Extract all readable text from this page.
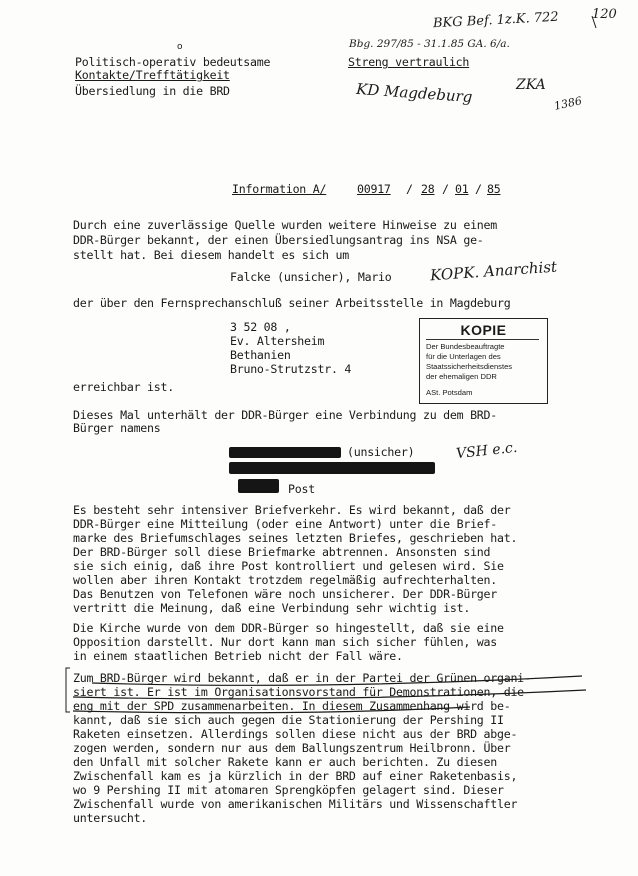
BKG Bef. 1z.K. 722	120
Bbg. 297/85 - 31.1.85 GA. 6/a.
KD Magdeburg	ZKA
1386
KOPK. Anarchist
VSH e.c.
o
Politisch-operativ bedeutsame
Kontakte/Trefftätigkeit
Übersiedlung in die BRD
Streng vertraulich
Information A/	00917 / 28 / 01 / 85
Durch eine zuverlässige Quelle wurden weitere Hinweise zu einem
DDR-Bürger bekannt, der einen Übersiedlungsantrag ins NSA ge-
stellt hat. Bei diesem handelt es sich um
Falcke (unsicher), Mario
der über den Fernsprechanschluß seiner Arbeitsstelle in Magdeburg
3 52 08 ,
Ev. Altersheim
Bethanien
Bruno-Strutzstr. 4
erreichbar ist.
KOPIE
Der Bundesbeauftragte
für die Unterlagen des
Staatssicherheitsdienstes
der ehemaligen DDR
ASt. Potsdam
Dieses Mal unterhält der DDR-Bürger eine Verbindung zu dem BRD-
Bürger namens
(unsicher)
Post
Es besteht sehr intensiver Briefverkehr. Es wird bekannt, daß der
DDR-Bürger eine Mitteilung (oder eine Antwort) unter die Brief-
marke des Briefumschlages seines letzten Briefes, geschrieben hat.
Der BRD-Bürger soll diese Briefmarke abtrennen. Ansonsten sind
sie sich einig, daß ihre Post kontrolliert und gelesen wird. Sie
wollen aber ihren Kontakt trotzdem regelmäßig aufrechterhalten.
Das Benutzen von Telefonen wäre noch unsicherer. Der DDR-Bürger
vertritt die Meinung, daß eine Verbindung sehr wichtig ist.
Die Kirche wurde von dem DDR-Bürger so hingestellt, daß sie eine
Opposition darstellt. Nur dort kann man sich sicher fühlen, was
in einem staatlichen Betrieb nicht der Fall wäre.
Zum BRD-Bürger wird bekannt, daß er in der Partei der Grünen organi-
siert ist. Er ist im Organisationsvorstand für Demonstrationen, die
eng mit der SPD zusammenarbeiten. In diesem Zusammenhang wird be-
kannt, daß sie sich auch gegen die Stationierung der Pershing II
Raketen einsetzen. Allerdings sollen diese nicht aus der BRD abge-
zogen werden, sondern nur aus dem Ballungszentrum Heilbronn. Über
den Unfall mit solcher Rakete kann er auch berichten. Zu diesen
Zwischenfall kam es ja kürzlich in der BRD auf einer Raketenbasis,
wo 9 Pershing II mit atomaren Sprengköpfen gelagert sind. Dieser
Zwischenfall wurde von amerikanischen Militärs und Wissenschaftler
untersucht.
